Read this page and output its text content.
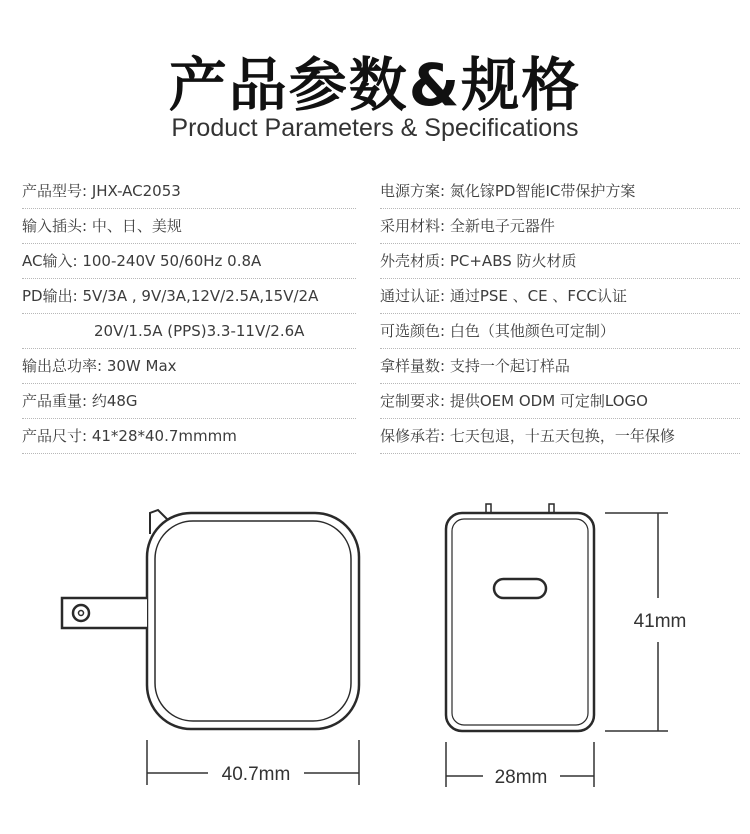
产品参数&规格
Product Parameters & Specifications
产品型号: JHX-AC2053
输入插头: 中、日、美规
AC输入: 100-240V 50/60Hz 0.8A
PD输出: 5V/3A , 9V/3A,12V/2.5A,15V/2A
20V/1.5A (PPS)3.3-11V/2.6A
输出总功率: 30W Max
产品重量: 约48G
产品尺寸: 41*28*40.7mmmm
电源方案: 氮化镓PD智能IC带保护方案
采用材料: 全新电子元器件
外壳材质: PC+ABS 防火材质
通过认证: 通过PSE 、CE 、FCC认证
可选颜色: 白色（其他颜色可定制）
拿样量数: 支持一个起订样品
定制要求: 提供OEM ODM 可定制LOGO
保修承若: 七天包退，十五天包换，一年保修
40.7mm	28mm
41mm
